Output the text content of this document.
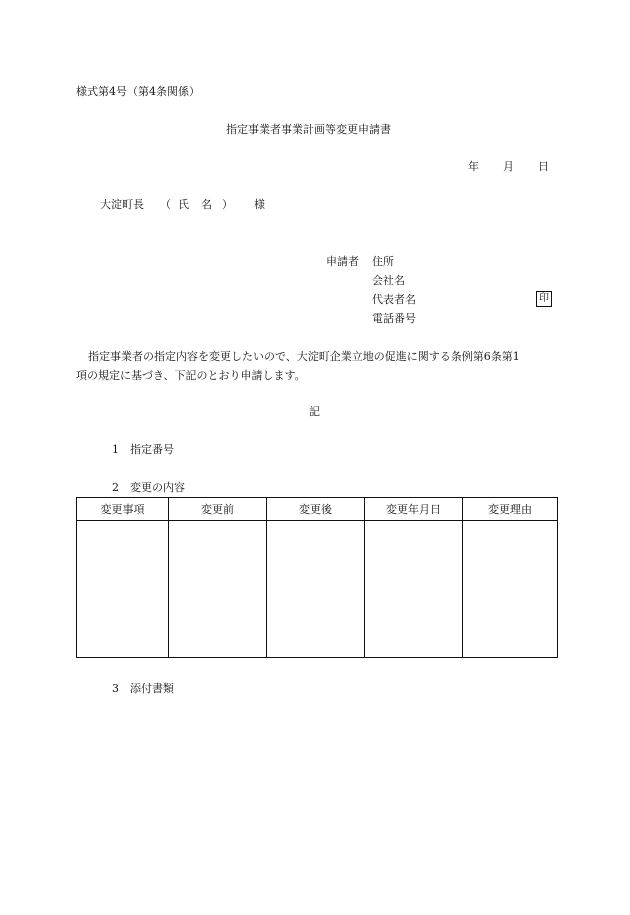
様式第4号（第4条関係）
指定事業者事業計画等変更申請書
年 月 日
大淀町長 （ 氏 名 ） 様
申請者 住所
会社名
代表者名	印
電話番号
指定事業者の指定内容を変更したいので、大淀町企業立地の促進に関する条例第6条第1
項の規定に基づき、下記のとおり申請します。
記
1 指定番号
2 変更の内容
変更事項	変更前	変更後	変更年月日	変更理由

3 添付書類
